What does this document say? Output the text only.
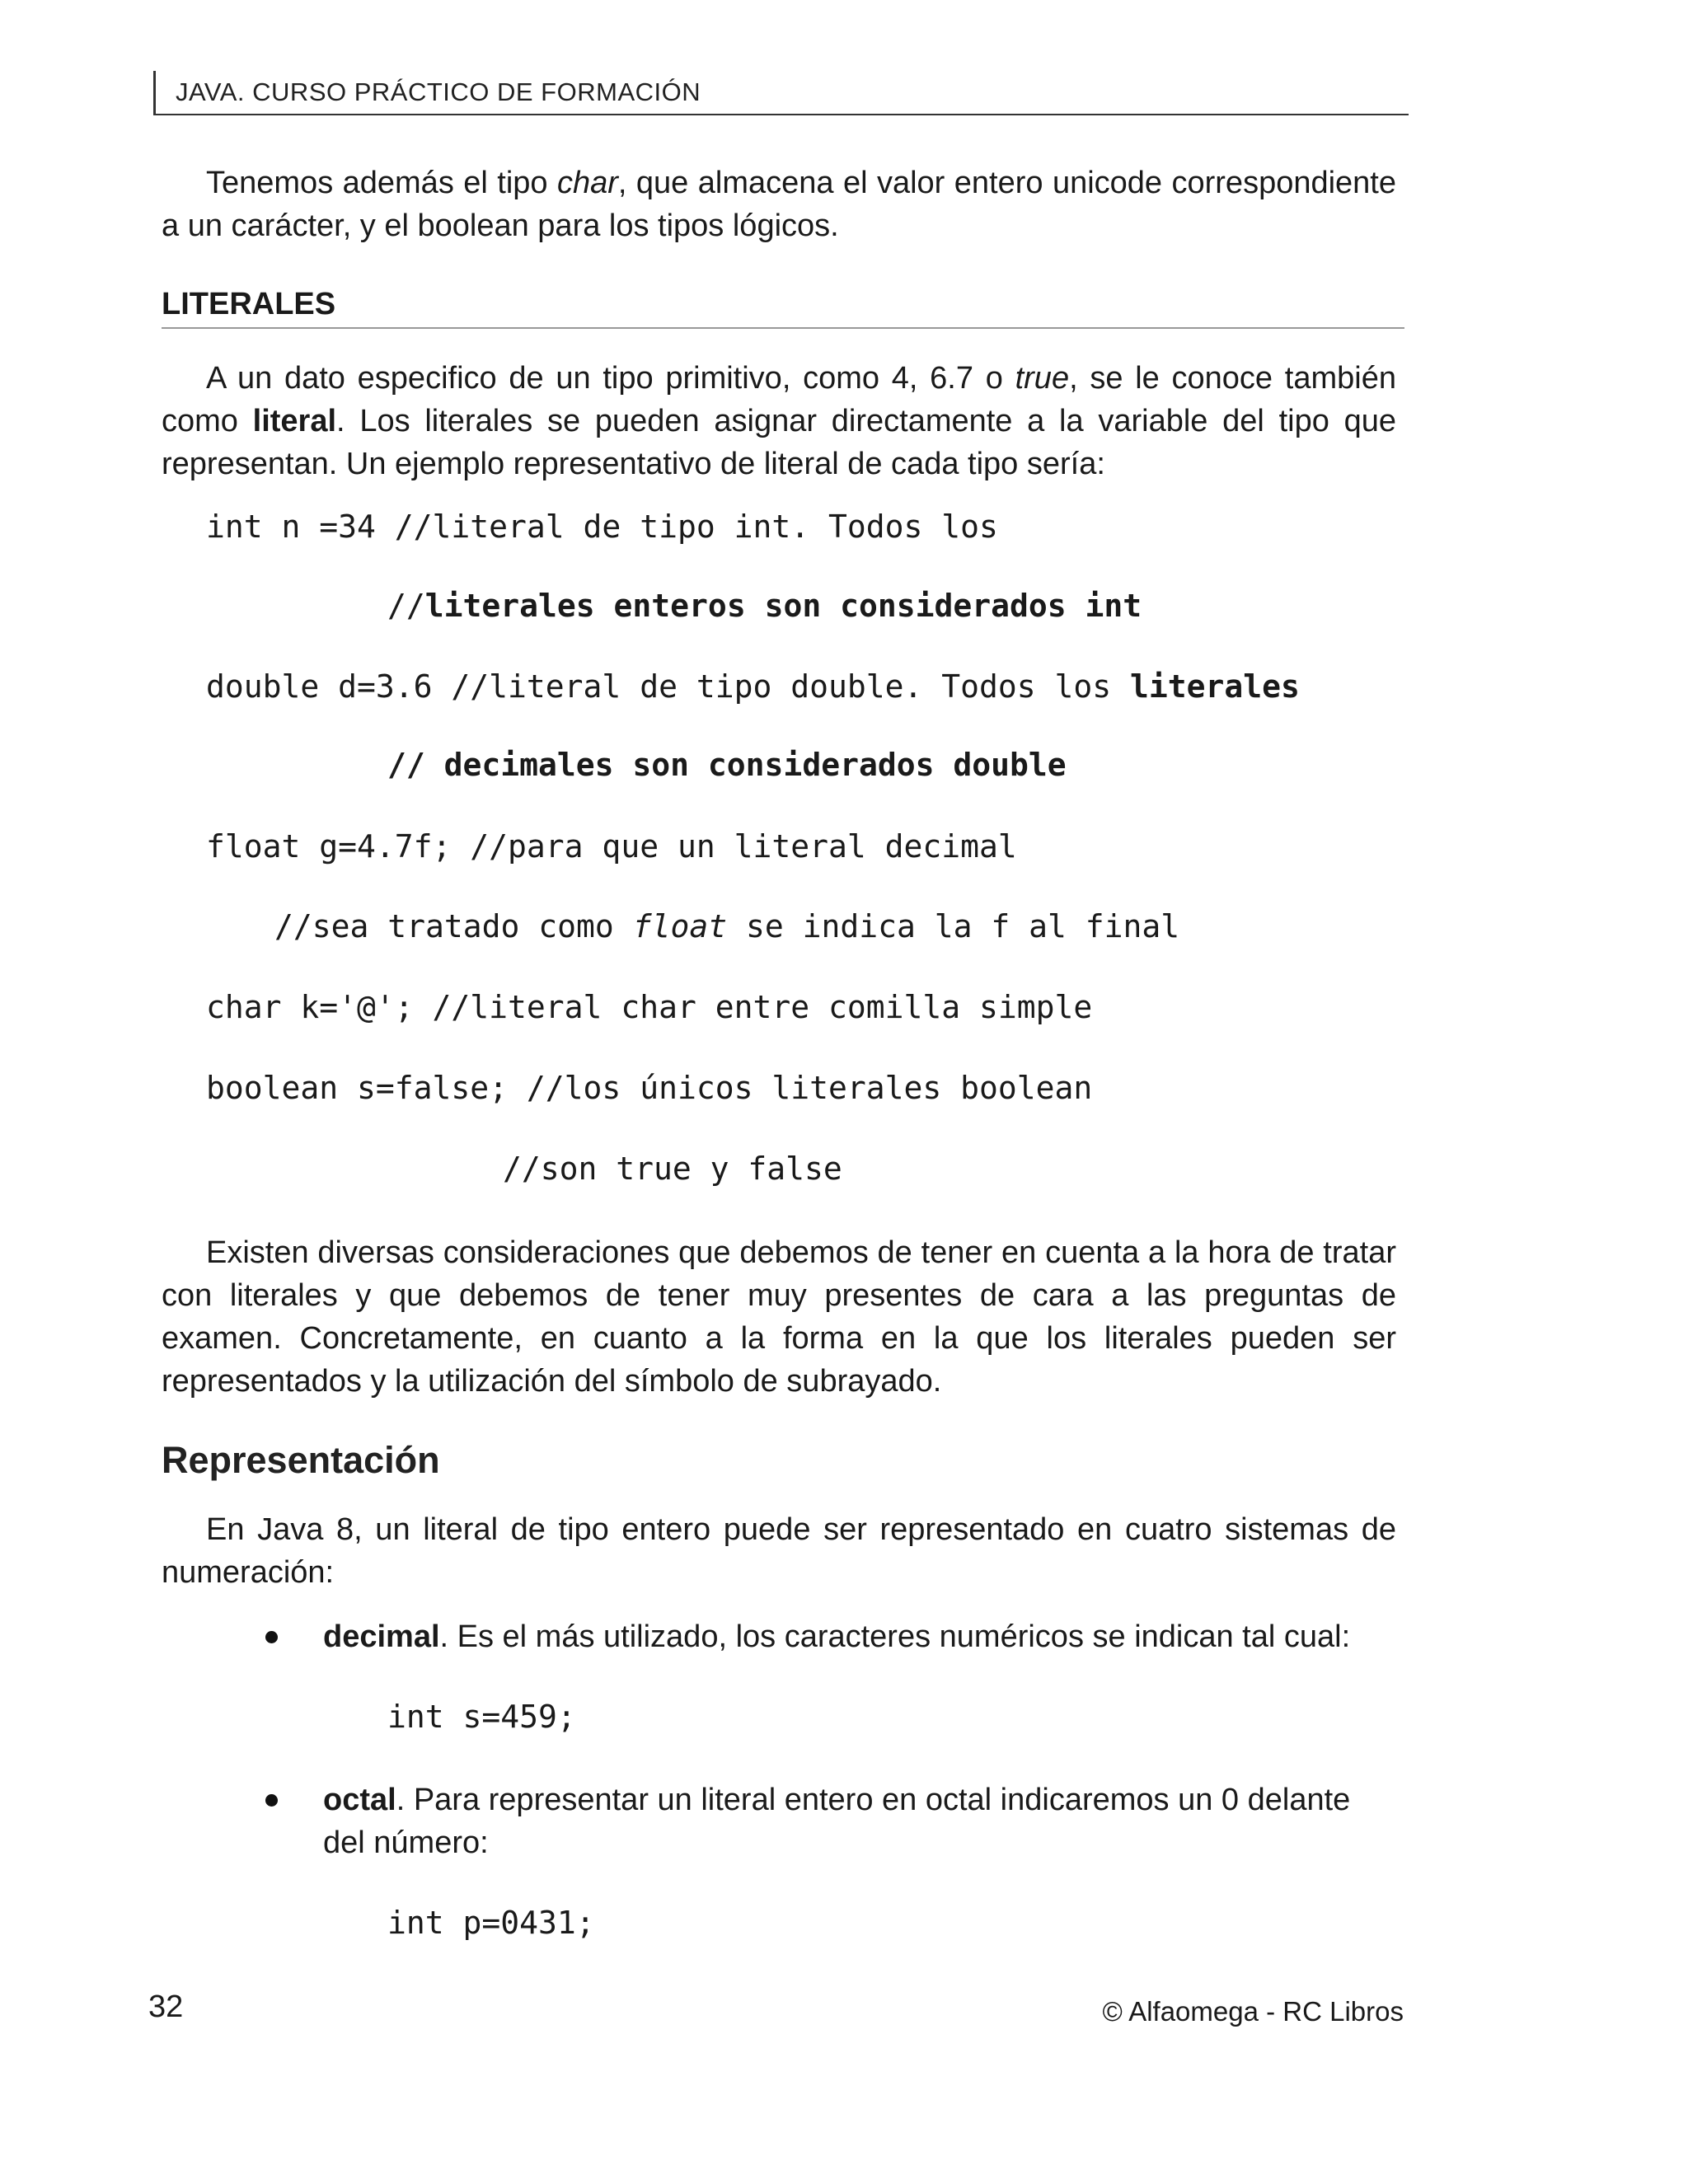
JAVA. CURSO PRÁCTICO DE FORMACIÓN

Tenemos además el tipo char, que almacena el valor entero unicode correspondiente a un carácter, y el boolean para los tipos lógicos.

LITERALES

A un dato especifico de un tipo primitivo, como 4, 6.7 o true, se le conoce también como literal. Los literales se pueden asignar directamente a la variable del tipo que representan. Un ejemplo representativo de literal de cada tipo sería:

int n =34 //literal de tipo int. Todos los
//literales enteros son considerados int
double d=3.6 //literal de tipo double. Todos los literales
// decimales son considerados double
float g=4.7f; //para que un literal decimal
//sea tratado como float se indica la f al final
char k='@'; //literal char entre comilla simple
boolean s=false; //los únicos literales boolean
//son true y false

Existen diversas consideraciones que debemos de tener en cuenta a la hora de tratar con literales y que debemos de tener muy presentes de cara a las preguntas de examen. Concretamente, en cuanto a la forma en la que los literales pueden ser representados y la utilización del símbolo de subrayado.

Representación

En Java 8, un literal de tipo entero puede ser representado en cuatro sistemas de numeración:

decimal. Es el más utilizado, los caracteres numéricos se indican tal cual:

int s=459;

octal. Para representar un literal entero en octal indicaremos un 0 delante del número:

int p=0431;
32	© Alfaomega - RC Libros
